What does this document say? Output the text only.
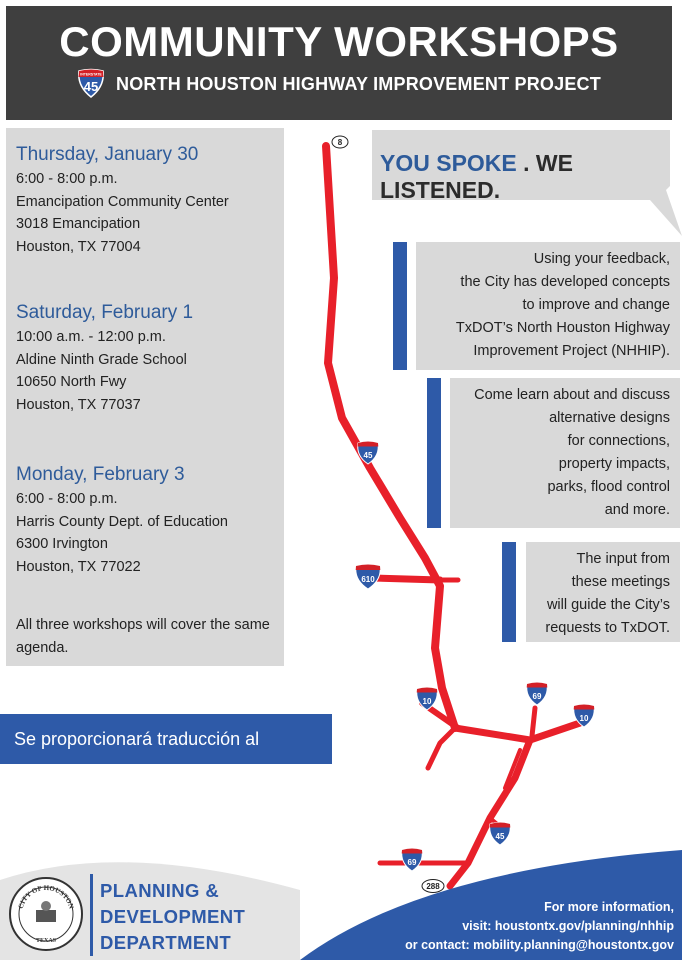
COMMUNITY WORKSHOPS
INTERSTATE
45 NORTH HOUSTON HIGHWAY IMPROVEMENT PROJECT
Thursday, January 30
6:00 - 8:00 p.m.
Emancipation Community Center
3018 Emancipation
Houston, TX 77004
Saturday, February 1
10:00 a.m. - 12:00 p.m.
Aldine Ninth Grade School
10650 North Fwy
Houston, TX 77037
Monday, February 3
6:00 - 8:00 p.m.
Harris County Dept. of Education
6300 Irvington
Houston, TX 77022
All three workshops will cover the same agenda.
Se proporcionará traducción al español.
8
45
610
10
69
10
45
69
288
YOU SPOKE . WE LISTENED.
Using your feedback,
the City has developed concepts
to improve and change
TxDOT’s North Houston Highway
Improvement Project (NHHIP).
Come learn about and discuss
alternative designs
for connections,
property impacts,
parks, flood control
and more.
The input from
these meetings
will guide the City’s
requests to TxDOT.
CITY OF HOUSTON
TEXAS
PLANNING &
DEVELOPMENT
DEPARTMENT
For more information,
visit: houstontx.gov/planning/nhhip
or contact: mobility.planning@houstontx.gov
